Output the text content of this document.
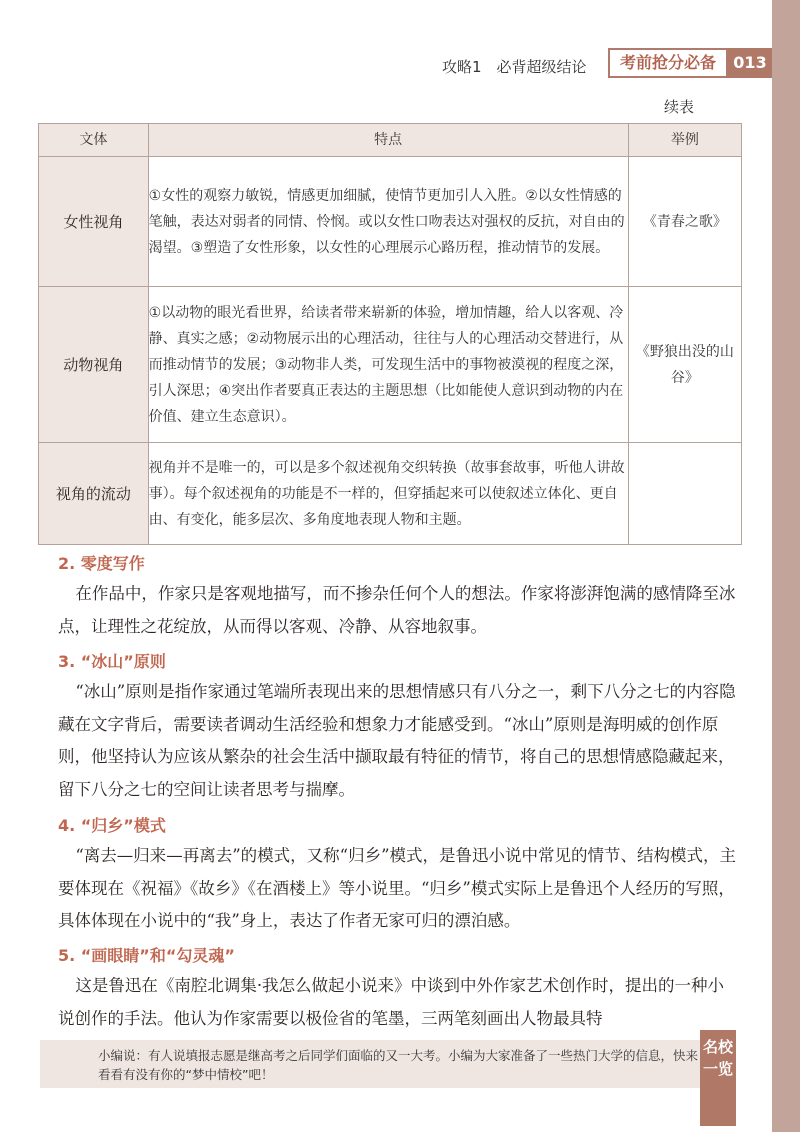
攻略1　必背超级结论	考前抢分必备	013
续表
文体	特点	举例
女性视角	①女性的观察力敏锐，情感更加细腻，使情节更加引人入胜。②以女性情感的笔触，表达对弱者的同情、怜悯。或以女性口吻表达对强权的反抗，对自由的渴望。③塑造了女性形象，以女性的心理展示心路历程，推动情节的发展。	《青春之歌》
动物视角	①以动物的眼光看世界，给读者带来崭新的体验，增加情趣，给人以客观、冷静、真实之感；②动物展示出的心理活动，往往与人的心理活动交替进行，从而推动情节的发展；③动物非人类，可发现生活中的事物被漠视的程度之深，引人深思；④突出作者要真正表达的主题思想（比如能使人意识到动物的内在价值、建立生态意识）。	《野狼出没的山谷》
视角的流动	视角并不是唯一的，可以是多个叙述视角交织转换（故事套故事，听他人讲故事）。每个叙述视角的功能是不一样的，但穿插起来可以使叙述立体化、更自由、有变化，能多层次、多角度地表现人物和主题。	
2. 零度写作

在作品中，作家只是客观地描写，而不掺杂任何个人的想法。作家将澎湃饱满的感情降至冰点，让理性之花绽放，从而得以客观、冷静、从容地叙事。

3. “冰山”原则

“冰山”原则是指作家通过笔端所表现出来的思想情感只有八分之一，剩下八分之七的内容隐藏在文字背后，需要读者调动生活经验和想象力才能感受到。“冰山”原则是海明威的创作原则，他坚持认为应该从繁杂的社会生活中撷取最有特征的情节，将自己的思想情感隐藏起来，留下八分之七的空间让读者思考与揣摩。

4. “归乡”模式

“离去—归来—再离去”的模式，又称“归乡”模式，是鲁迅小说中常见的情节、结构模式，主要体现在《祝福》《故乡》《在酒楼上》等小说里。“归乡”模式实际上是鲁迅个人经历的写照，具体体现在小说中的“我”身上，表达了作者无家可归的漂泊感。

5. “画眼睛”和“勾灵魂”

这是鲁迅在《南腔北调集·我怎么做起小说来》中谈到中外作家艺术创作时，提出的一种小说创作的手法。他认为作家需要以极俭省的笔墨，三两笔刻画出人物最具特

小编说：有人说填报志愿是继高考之后同学们面临的又一大考。小编为大家准备了一些热门大学的信息，快来看看有没有你的“梦中情校”吧！
名校一览
